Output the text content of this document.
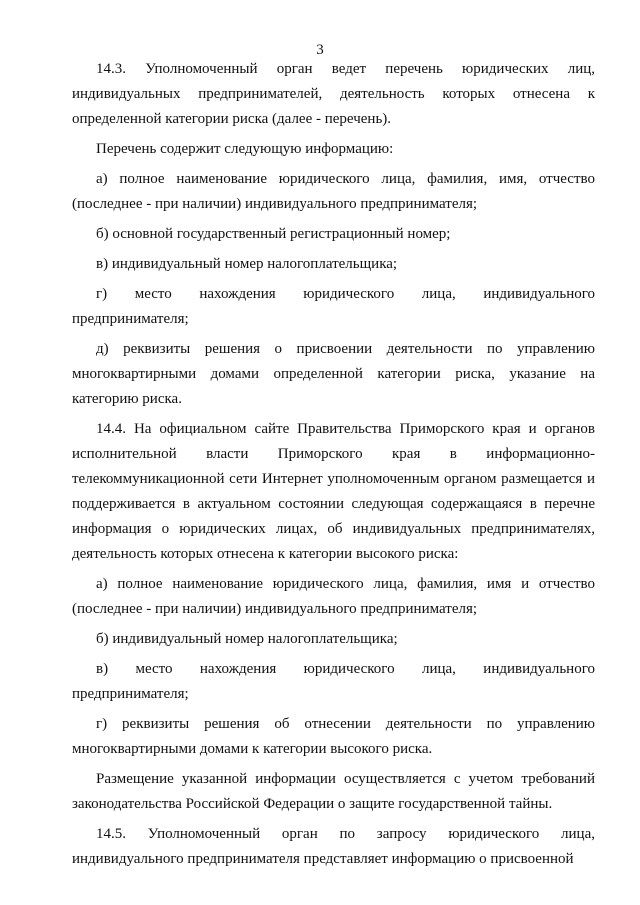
3

14.3. Уполномоченный орган ведет перечень юридических лиц, индивидуальных предпринимателей, деятельность которых отнесена к определенной категории риска (далее - перечень).

Перечень содержит следующую информацию:

а) полное наименование юридического лица, фамилия, имя, отчество (последнее - при наличии) индивидуального предпринимателя;

б) основной государственный регистрационный номер;

в) индивидуальный номер налогоплательщика;

г) место нахождения юридического лица, индивидуального предпринимателя;

д) реквизиты решения о присвоении деятельности по управлению многоквартирными домами определенной категории риска, указание на категорию риска.

14.4. На официальном сайте Правительства Приморского края и органов исполнительной власти Приморского края в информационно-телекоммуникационной сети Интернет уполномоченным органом размещается и поддерживается в актуальном состоянии следующая содержащаяся в перечне информация о юридических лицах, об индивидуальных предпринимателях, деятельность которых отнесена к категории высокого риска:

а) полное наименование юридического лица, фамилия, имя и отчество (последнее - при наличии) индивидуального предпринимателя;

б) индивидуальный номер налогоплательщика;

в) место нахождения юридического лица, индивидуального предпринимателя;

г) реквизиты решения об отнесении деятельности по управлению многоквартирными домами к категории высокого риска.

Размещение указанной информации осуществляется с учетом требований законодательства Российской Федерации о защите государственной тайны.

14.5. Уполномоченный орган по запросу юридического лица, индивидуального предпринимателя представляет информацию о присвоенной
